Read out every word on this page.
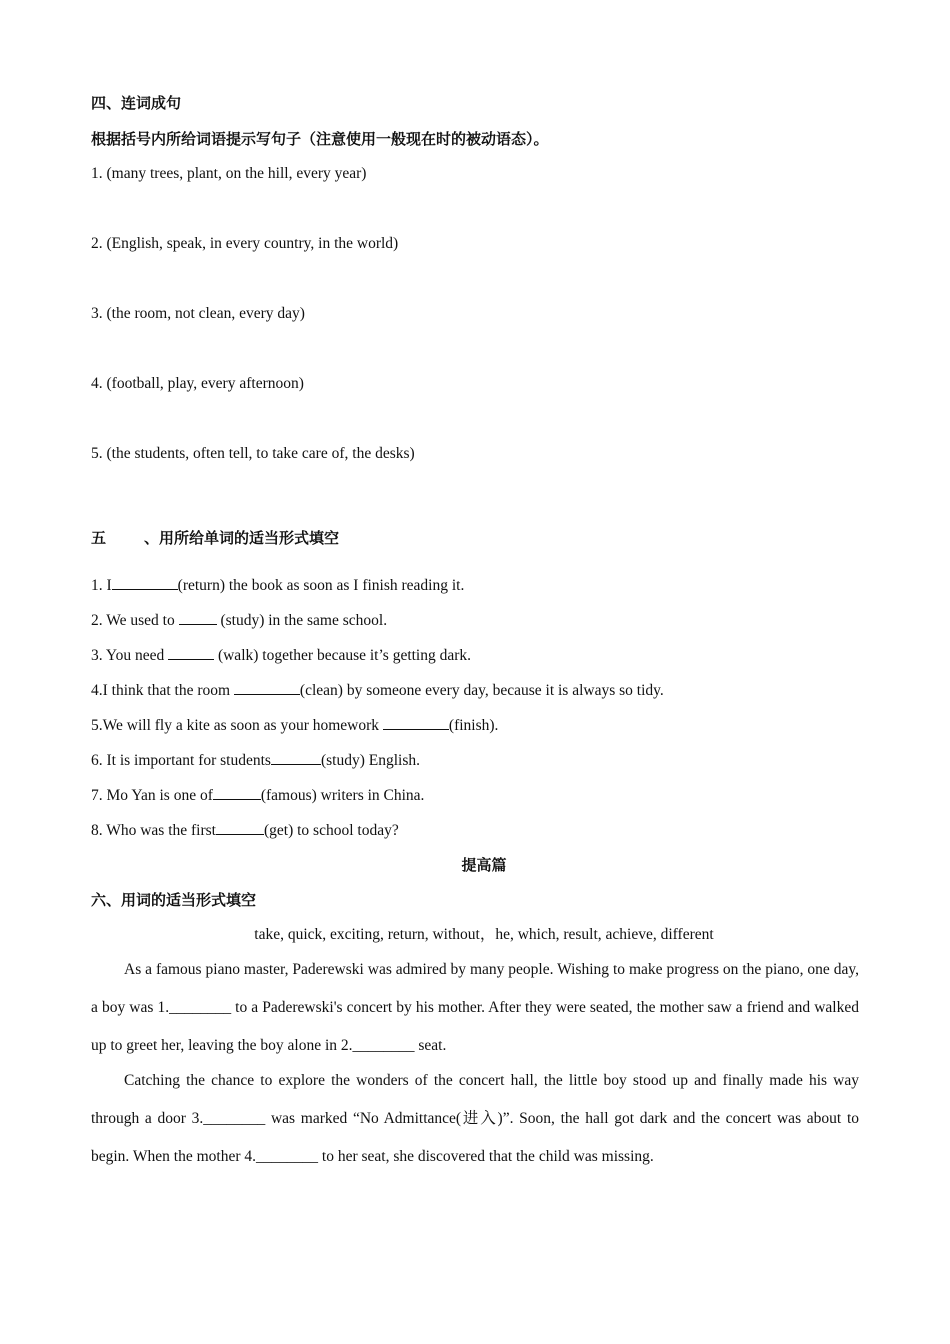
四、连词成句
根据括号内所给词语提示写句子（注意使用一般现在时的被动语态）。
1. (many trees, plant, on the hill, every year)
2. (English, speak, in every country, in the world)
3. (the room, not clean, every day)
4. (football, play, every afternoon)
5. (the students, often tell, to take care of, the desks)
五	、用所给单词的适当形式填空
1. I	(return) the book as soon as I finish reading it.
2. We used to  (study) in the same school.
3. You need	(walk) together because it’s getting dark.
4.I think that the room	(clean) by someone every day, because it is always so tidy.
5.We will fly a kite as soon as your homework	(finish).
6. It is important for students	(study) English.
7. Mo Yan is one of	(famous) writers in China.
8. Who was the first	(get) to school today?
提高篇
六、用词的适当形式填空
take, quick, exciting, return, without，he, which, result, achieve, different
As a famous piano master, Paderewski was admired by many people. Wishing to make progress on the piano, one day, a boy was 1.________ to a Paderewski's concert by his mother. After they were seated, the mother saw a friend and walked up to greet her, leaving the boy alone in 2.________ seat.
Catching the chance to explore the wonders of the concert hall, the little boy stood up and finally made his way through a door 3.________ was marked “No Admittance(进入)”. Soon, the hall got dark and the concert was about to begin. When the mother 4.________ to her seat, she discovered that the child was missing.
